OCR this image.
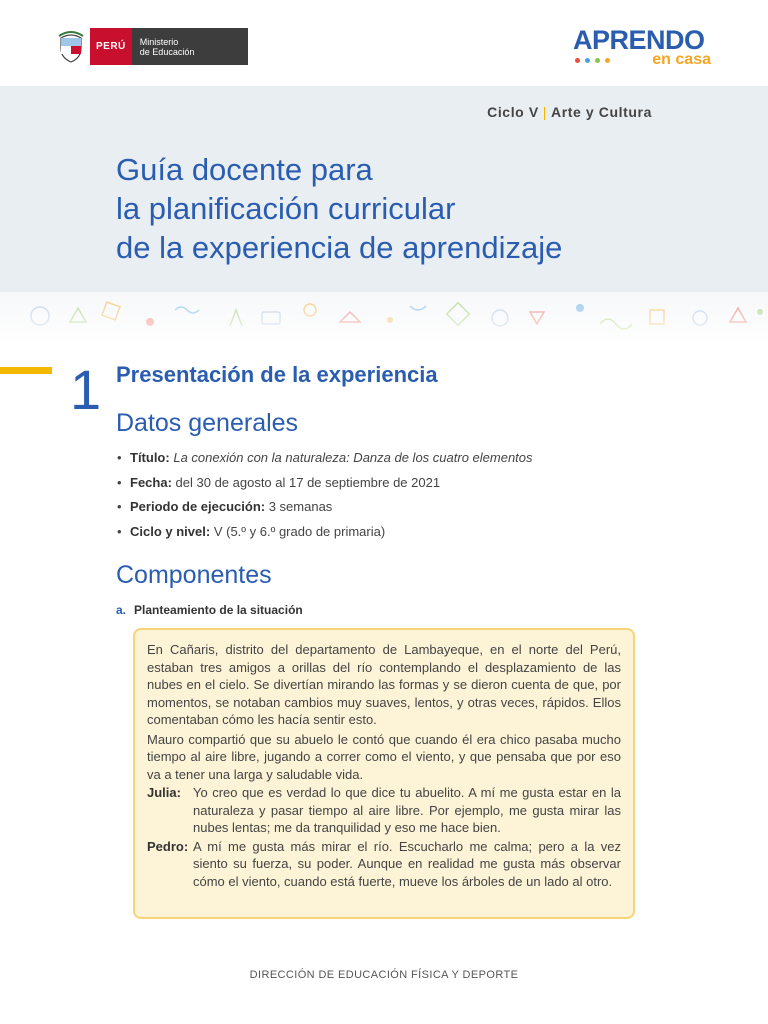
PERÚ	Ministerio
de Educación	APRENDO
en casa
Ciclo V | Arte y Cultura
Guía docente para
la planificación curricular
de la experiencia de aprendizaje
1 Presentación de la experiencia
Datos generales
• Título: La conexión con la naturaleza: Danza de los cuatro elementos
• Fecha: del 30 de agosto al 17 de septiembre de 2021
• Periodo de ejecución: 3 semanas
• Ciclo y nivel: V (5.º y 6.º grado de primaria)
Componentes
a. Planteamiento de la situación

En Cañaris, distrito del departamento de Lambayeque, en el norte del Perú, estaban tres amigos a orillas del río contemplando el desplazamiento de las nubes en el cielo. Se divertían mirando las formas y se dieron cuenta de que, por momentos, se notaban cambios muy suaves, lentos, y otras veces, rápidos. Ellos comentaban cómo les hacía sentir esto.

Mauro compartió que su abuelo le contó que cuando él era chico pasaba mucho tiempo al aire libre, jugando a correr como el viento, y que pensaba que por eso va a tener una larga y saludable vida.

Julia: Yo creo que es verdad lo que dice tu abuelito. A mí me gusta estar en la naturaleza y pasar tiempo al aire libre. Por ejemplo, me gusta mirar las nubes lentas; me da tranquilidad y eso me hace bien.
Pedro: A mí me gusta más mirar el río. Escucharlo me calma; pero a la vez siento su fuerza, su poder. Aunque en realidad me gusta más observar cómo el viento, cuando está fuerte, mueve los árboles de un lado al otro.
DIRECCIÓN DE EDUCACIÓN FÍSICA Y DEPORTE
